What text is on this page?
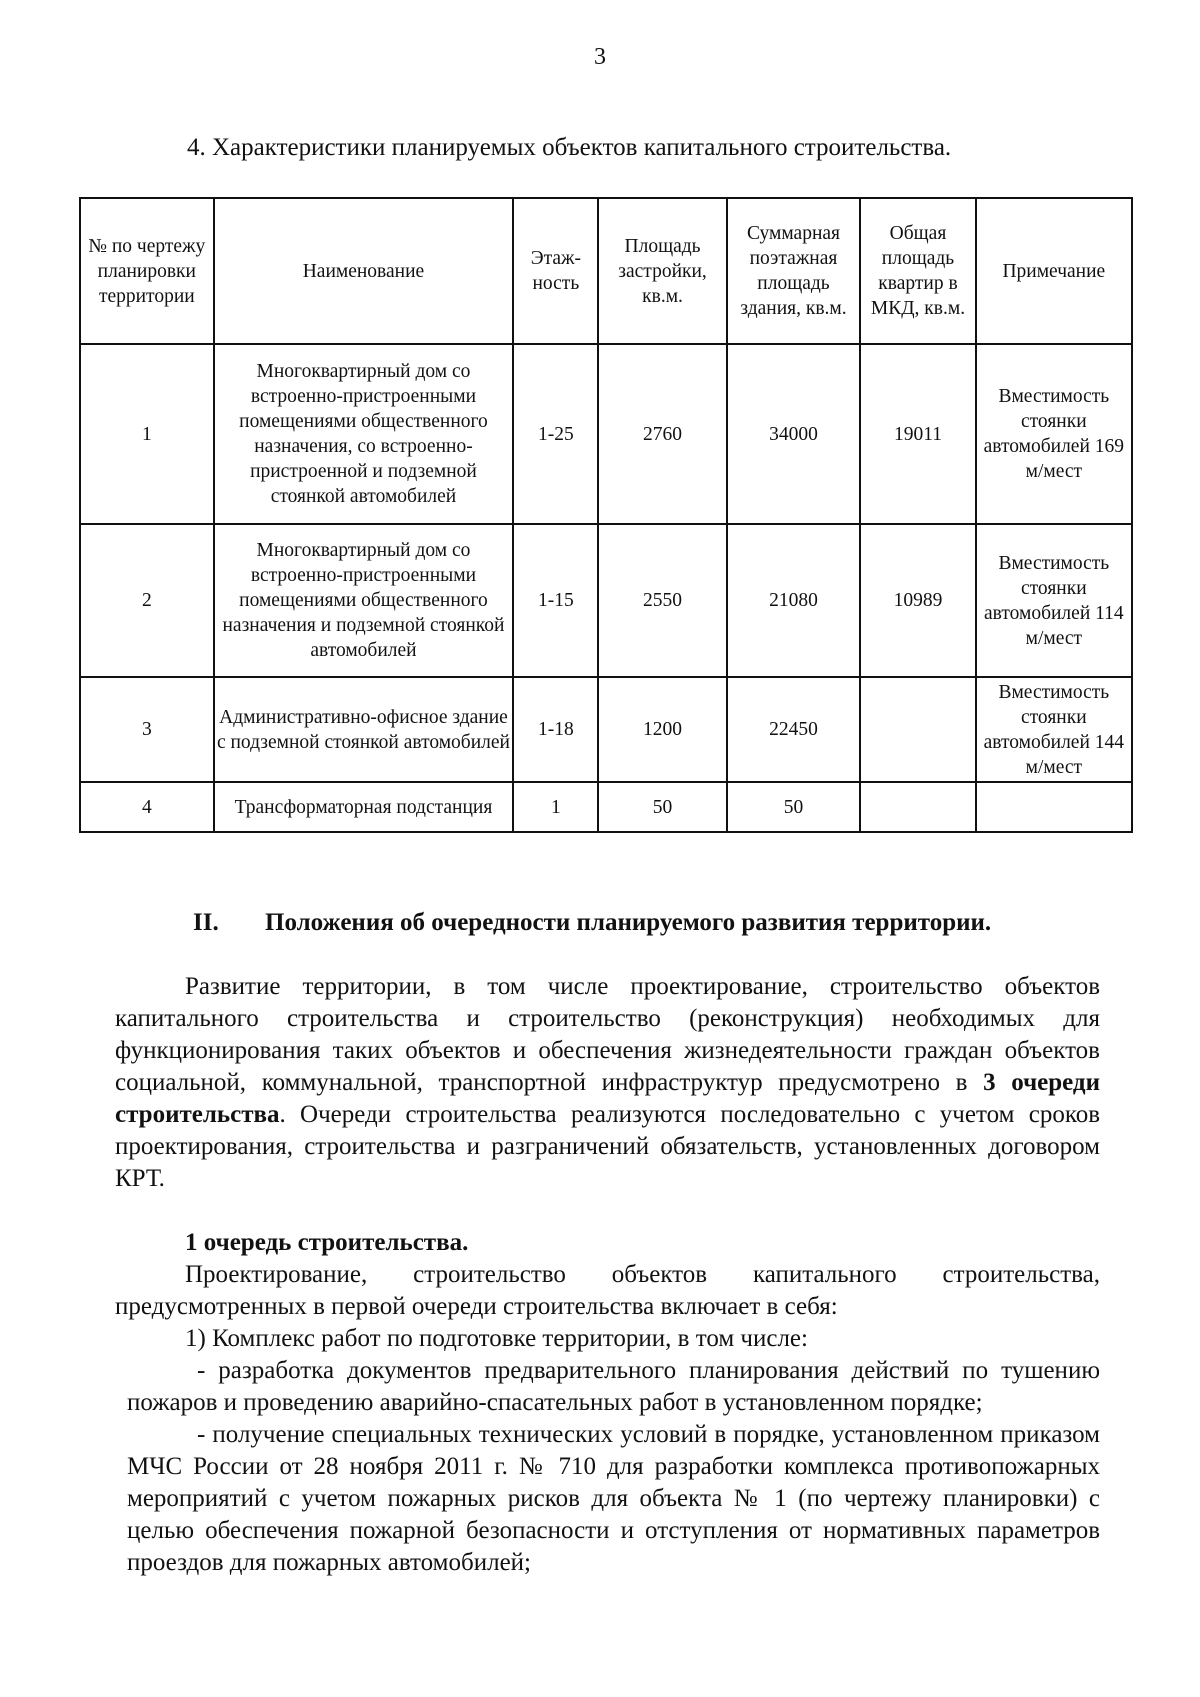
3
4. Характеристики планируемых объектов капитального строительства.
№ по чертежу планировки территории	Наименование	Этаж-ность	Площадь застройки, кв.м.	Суммарная поэтажная площадь здания, кв.м.	Общая площадь квартир в МКД, кв.м.	Примечание
1	Многоквартирный дом со встроенно-пристроенными помещениями общественного назначения, со встроенно-пристроенной и подземной стоянкой автомобилей	1-25	2760	34000	19011	Вместимость стоянки автомобилей 169 м/мест
2	Многоквартирный дом со встроенно-пристроенными помещениями общественного назначения и подземной стоянкой автомобилей	1-15	2550	21080	10989	Вместимость стоянки автомобилей 114 м/мест
3	Административно-офисное здание с подземной стоянкой автомобилей	1-18	1200	22450		Вместимость стоянки автомобилей 144 м/мест
4	Трансформаторная подстанция	1	50	50		
II. Положения об очередности планируемого развития территории.

Развитие территории, в том числе проектирование, строительство объектов капитального строительства и строительство (реконструкция) необходимых для функционирования таких объектов и обеспечения жизнедеятельности граждан объектов социальной, коммунальной, транспортной инфраструктур предусмотрено в 3 очереди строительства. Очереди строительства реализуются последовательно с учетом сроков проектирования, строительства и разграничений обязательств, установленных договором КРТ.

1 очередь строительства.

Проектирование, строительство объектов капитального строительства, предусмотренных в первой очереди строительства включает в себя:

1) Комплекс работ по подготовке территории, в том числе:

- разработка документов предварительного планирования действий по тушению пожаров и проведению аварийно-спасательных работ в установленном порядке;

- получение специальных технических условий в порядке, установленном приказом МЧС России от 28 ноября 2011 г. № 710 для разработки комплекса противопожарных мероприятий с учетом пожарных рисков для объекта № 1 (по чертежу планировки) с целью обеспечения пожарной безопасности и отступления от нормативных параметров проездов для пожарных автомобилей;
